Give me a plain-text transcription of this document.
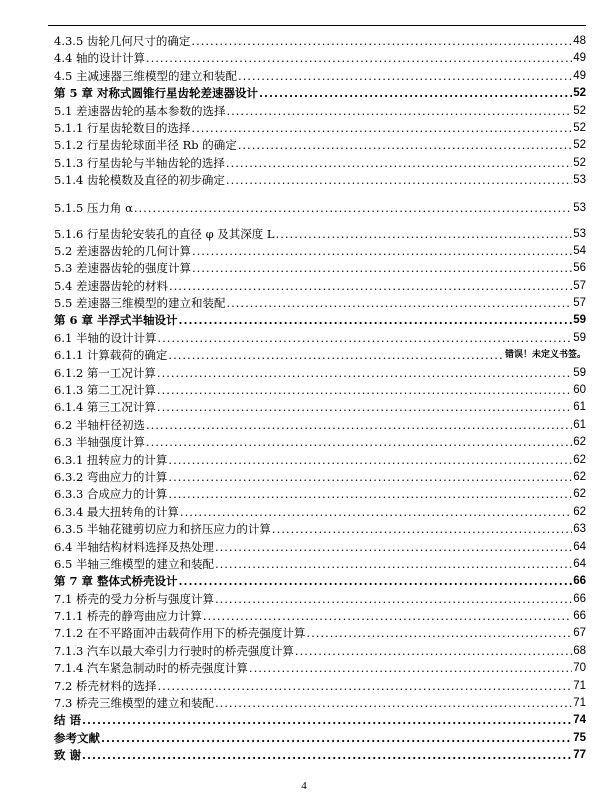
4.3.5 齿轮几何尺寸的确定 .....	48
4.4 轴的设计计算 .....	49
4.5 主减速器三维模型的建立和装配 .....	49
第 5 章 对称式圆锥行星齿轮差速器设计 .....	52
5.1 差速器齿轮的基本参数的选择 .....	52
5.1.1 行星齿轮数目的选择 .....	52
5.1.2 行星齿轮球面半径 Rb 的确定 .....	52
5.1.3 行星齿轮与半轴齿轮的选择 .....	52
5.1.4 齿轮模数及直径的初步确定 .....	53
5.1.5 压力角 α .....	53
5.1.6 行星齿轮安装孔的直径 φ 及其深度 L .....	53
5.2 差速器齿轮的几何计算 .....	54
5.3 差速器齿轮的强度计算 .....	56
5.4 差速器齿轮的材料 .....	57
5.5 差速器三维模型的建立和装配 .....	57
第 6 章 半浮式半轴设计 .....	59
6.1 半轴的设计计算 .....	59
6.1.1 计算载荷的确定 .....	错误！未定义书签。
6.1.2 第一工况计算 .....	59
6.1.3 第二工况计算 .....	60
6.1.4 第三工况计算 .....	61
6.2 半轴杆径初选 .....	61
6.3 半轴强度计算 .....	62
6.3.1 扭转应力的计算 .....	62
6.3.2 弯曲应力的计算 .....	62
6.3.3 合成应力的计算 .....	62
6.3.4 最大扭转角的计算 .....	62
6.3.5 半轴花键剪切应力和挤压应力的计算 .....	63
6.4 半轴结构材料选择及热处理 .....	64
6.5 半轴三维模型的建立和装配 .....	64
第 7 章 整体式桥壳设计 .....	66
7.1 桥壳的受力分析与强度计算 .....	66
7.1.1 桥壳的静弯曲应力计算 .....	66
7.1.2 在不平路面冲击载荷作用下的桥壳强度计算 .....	67
7.1.3 汽车以最大牵引力行驶时的桥壳强度计算 .....	68
7.1.4 汽车紧急制动时的桥壳强度计算 .....	70
7.2 桥壳材料的选择 .....	71
7.3 桥壳三维模型的建立和装配 .....	71
结 语 .....	74
参考文献 .....	75
致 谢 .....	77
4
